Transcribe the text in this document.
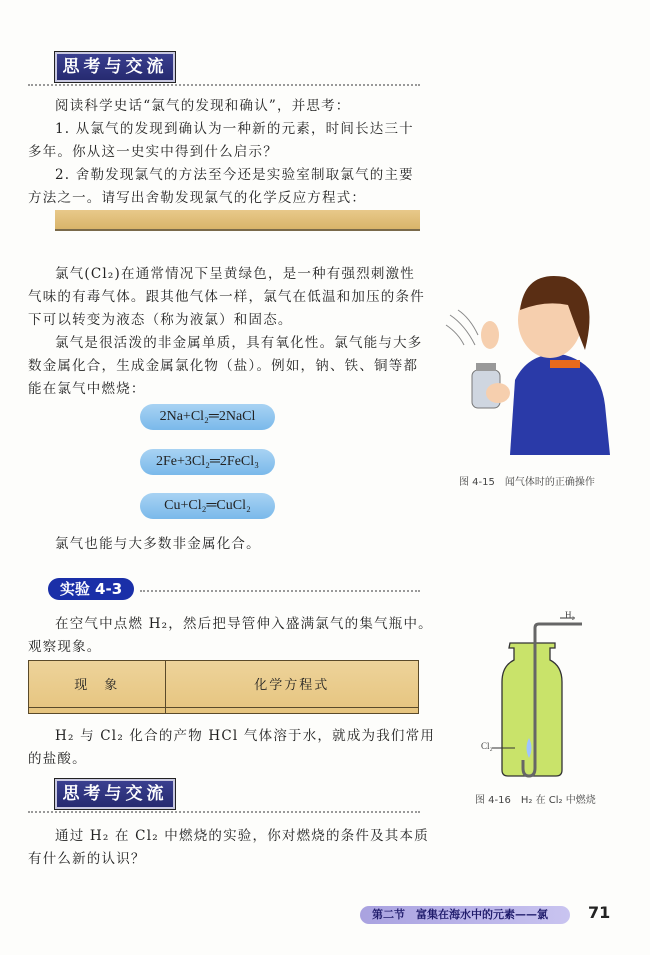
思考与交流
阅读科学史话“氯气的发现和确认”，并思考：
1. 从氯气的发现到确认为一种新的元素，时间长达三十
多年。你从这一史实中得到什么启示？
2. 舍勒发现氯气的方法至今还是实验室制取氯气的主要
方法之一。请写出舍勒发现氯气的化学反应方程式：
氯气(Cl₂)在通常情况下呈黄绿色，是一种有强烈刺激性
气味的有毒气体。跟其他气体一样，氯气在低温和加压的条件
下可以转变为液态（称为液氯）和固态。
氯气是很活泼的非金属单质，具有氧化性。氯气能与大多
数金属化合，生成金属氯化物（盐）。例如，钠、铁、铜等都
能在氯气中燃烧：
2Na+Cl₂═2NaCl
2Fe+3Cl₂═2FeCl₃
Cu+Cl₂═CuCl₂
氯气也能与大多数非金属化合。
实验 4-3
在空气中点燃 H₂，然后把导管伸入盛满氯气的集气瓶中。
观察现象。
现　象	化学方程式

H₂ 与 Cl₂ 化合的产物 HCl 气体溶于水，就成为我们常用
的盐酸。
思考与交流
通过 H₂ 在 Cl₂ 中燃烧的实验，你对燃烧的条件及其本质
有什么新的认识？
图 4-15　闻气体时的正确操作
H₂
Cl₂
图 4-16　H₂ 在 Cl₂ 中燃烧
第二节　富集在海水中的元素——氯	71
